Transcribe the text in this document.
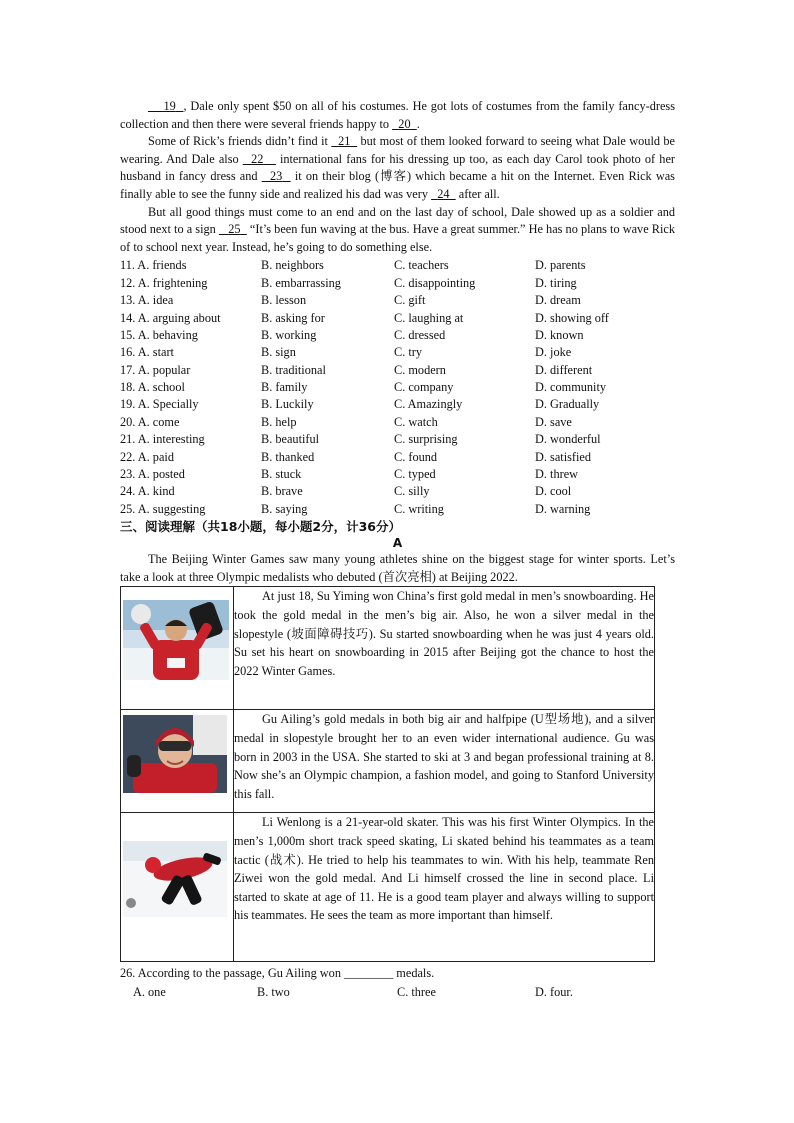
19 , Dale only spent $50 on all of his costumes. He got lots of costumes from the family fancy-dress collection and then there were several friends happy to   20 .

Some of Rick’s friends didn’t find it   21   but most of them looked forward to seeing what Dale would be wearing. And Dale also   22    international fans for his dressing up too, as each day Carol took photo of her husband in fancy dress and   23   it on their blog (博客) which became a hit on the Internet. Even Rick was finally able to see the funny side and realized his dad was very   24   after all.

But all good things must come to an end and on the last day of school, Dale showed up as a soldier and stood next to a sign    25   “It’s been fun waving at the bus. Have a great summer.” He has no plans to wave Rick of to school next year. Instead, he’s going to do something else.

11. A. friends	B. neighbors	C. teachers	D. parents
12. A. frightening	B. embarrassing	C. disappointing	D. tiring
13. A. idea	B. lesson	C. gift	D. dream
14. A. arguing about	B. asking for	C. laughing at	D. showing off
15. A. behaving	B. working	C. dressed	D. known
16. A. start	B. sign	C. try	D. joke
17. A. popular	B. traditional	C. modern	D. different
18. A. school	B. family	C. company	D. community
19. A. Specially	B. Luckily	C. Amazingly	D. Gradually
20. A. come	B. help	C. watch	D. save
21. A. interesting	B. beautiful	C. surprising	D. wonderful
22. A. paid	B. thanked	C. found	D. satisfied
23. A. posted	B. stuck	C. typed	D. threw
24. A. kind	B. brave	C. silly	D. cool
25. A. suggesting	B. saying	C. writing	D. warning
三、阅读理解（共18小题，每小题2分，计36分）
A

The Beijing Winter Games saw many young athletes shine on the biggest stage for winter sports. Let’s take a look at three Olympic medalists who debuted (首次亮相) at Beijing 2022.

At just 18, Su Yiming won China’s first gold medal in men’s snowboarding. He took the gold medal in the men’s big air. Also, he won a silver medal in the slopestyle (坡面障碍技巧). Su started snowboarding when he was just 4 years old. Su set his heart on snowboarding in 2015 after Beijing got the chance to host the 2022 Winter Games.

Gu Ailing’s gold medals in both big air and halfpipe (U型场地), and a silver medal in slopestyle brought her to an even wider international audience. Gu was born in 2003 in the USA. She started to ski at 3 and began professional training at 8. Now she’s an Olympic champion, a fashion model, and going to Stanford University this fall.

Li Wenlong is a 21-year-old skater. This was his first Winter Olympics. In the men’s 1,000m short track speed skating, Li skated behind his teammates as a team tactic (战术). He tried to help his teammates to win. With his help, teammate Ren Ziwei won the gold medal. And Li himself crossed the line in second place. Li started to skate at age of 11. He is a good team player and always willing to support his teammates. He sees the team as more important than himself.

26. According to the passage, Gu Ailing won ________ medals.
A. one	B. two	C. three	D. four.
